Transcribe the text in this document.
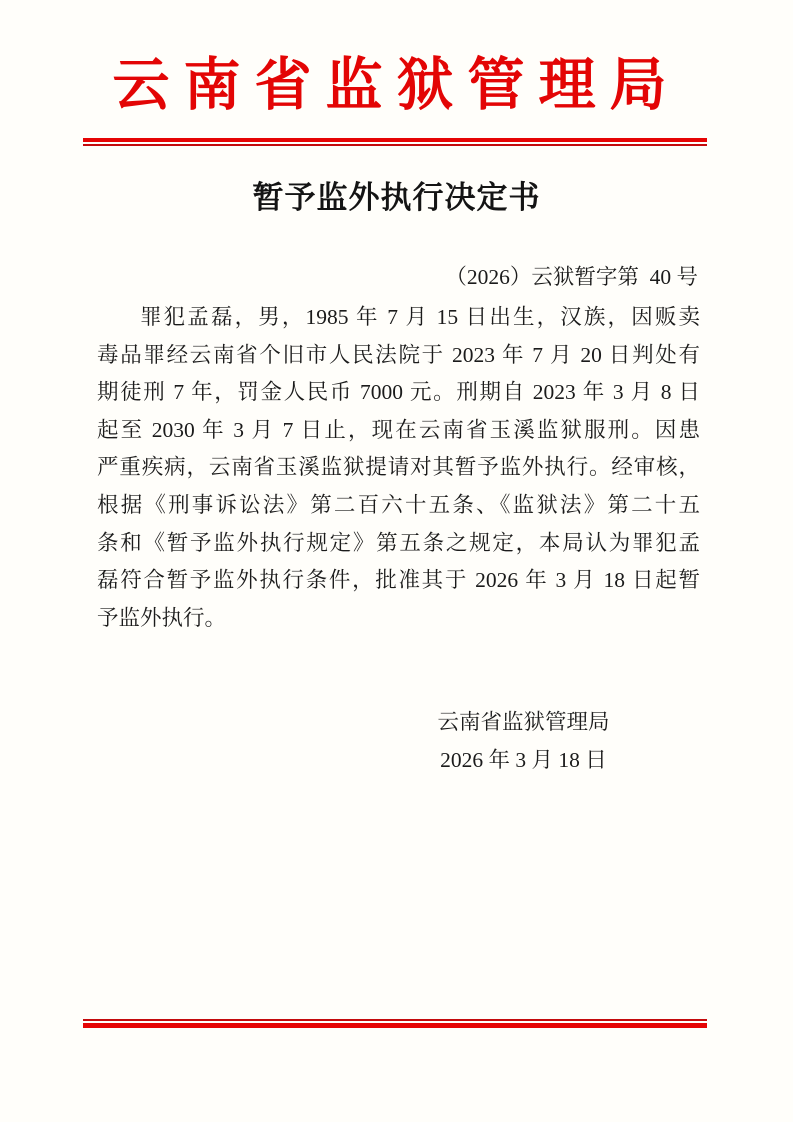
云南省监狱管理局
暂予监外执行决定书
（2026）云狱暂字第  40 号
罪犯孟磊，男，1985 年 7 月 15 日出生，汉族，因贩卖
毒品罪经云南省个旧市人民法院于 2023 年 7 月 20 日判处有
期徒刑 7 年，罚金人民币 7000 元。刑期自 2023 年 3 月 8 日
起至 2030 年 3 月 7 日止，现在云南省玉溪监狱服刑。因患
严重疾病，云南省玉溪监狱提请对其暂予监外执行。经审核，
根据《刑事诉讼法》第二百六十五条、《监狱法》第二十五
条和《暂予监外执行规定》第五条之规定，本局认为罪犯孟
磊符合暂予监外执行条件，批准其于 2026 年 3 月 18 日起暂
予监外执行。
云南省监狱管理局
2026 年 3 月 18 日
